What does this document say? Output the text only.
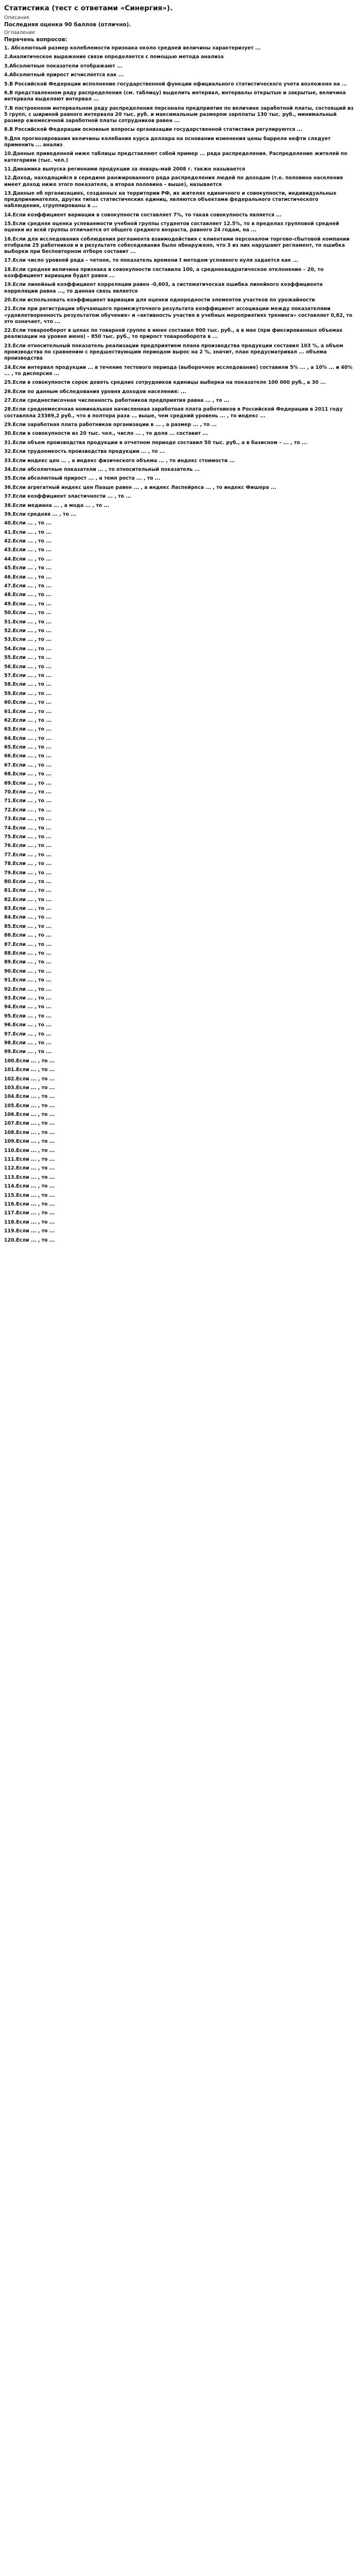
Статистика (тест с ответами «Синергия»).
Описание
Последняя оценка 90 баллов (отлично).
Оглавление
Перечень вопросов:
1. Абсолютный размер колеблемости признака около средней величины характеризует ...
2.Аналитическое выражение связи определяется с помощью метода анализа
3.Абсолютные показатели отображают ...
4.Абсолютный прирост исчисляется как ...
5.В Российской Федерации исполнение государственной функции официального статистического учета возложено на ...
6.В представленном ряду распределения (см. таблицу) выделить интервал, интервалы открытые и закрытые, величина интервала выделяют интервал ...
7.В построенном интервальном ряду распределения персонала предприятия по величине заработной платы, состоящий из 5 групп, с шириной равного интервала 20 тыс. руб. и максимальным размером зарплаты 130 тыс. руб., минимальный размер ежемесячной заработной платы сотрудников равен ...
8.В Российской Федерации основные вопросы организации государственной статистики регулируются ...
9.Для прогнозирования величины колебания курса доллара на основании изменения цены барреля нефти следует применить ... анализ
10.Данные приведенной ниже таблицы представляют собой пример ... ряда распределения. Распределение жителей по категориям (тыс. чел.)
11.Динамика выпуска регионами продукции за январь-май 2008 г. также называется
12.Доход, находящийся в середине ранжированного ряда распределения людей по доходам (т.е. половина населения имеет доход ниже этого показателя, а вторая половина – выше), называется
13.Данные об организациях, созданных на территории РФ, их жителях единичного и совокупности, индивидуальных предпринимателях, других типах статистических единиц, являются объектами федерального статистического наблюдения, сгруппированы в ...
14.Если коэффициент вариации в совокупности составляет 7%, то такая совокупность является ...
15.Если средняя оценка успеваемости учебной группы студентов составляет 12.5%, то в пределах групповой средней оценки из всей группы отличается от общего среднего возраста, равного 24 годам, на ...
16.Если для исследования соблюдения регламента взаимодействия с клиентами персоналом торгово-сбытовой компании отобрали 25 работников и в результате собеседования было обнаружено, что 3 из них нарушают регламент, то ошибка выборки при бесповторном отборе составит ...
17.Если число уровней ряда – четное, то показатель времени t методом условного нуля задается как ...
18.Если средняя величина признака в совокупности составила 100, а среднеквадратическое отклонение – 20, то коэффициент вариации будет равен ...
19.Если линейный коэффициент корреляции равен -0,603, а систематическая ошибка линейного коэффициента корреляции равна ..., то данная связь является
20.Если использовать коэффициент вариации для оценки однородности элементов участков по урожайности
21.Если при регистрации обучающего промежуточного результата коэффициент ассоциации между показателями «удовлетворенность результатом обучения» и «активность участия в учебных мероприятиях тренинга» составляет 0,82, то это означает, что ...
22.Если товарооборот в ценах по товарной группе в июне составил 900 тыс. руб., а в мае (при фиксированных объемах реализации на уровне июня) – 850 тыс. руб., то прирост товарооборота в ...
23.Если относительный показатель реализации предприятием плана производства продукции составил 103 %, а объем производства по сравнению с предшествующим периодом вырос на 2 %, значит, план предусматривал ... объема производства
24.Если интервал продукции ... в течение тестового периода (выборочное исследование) составили 5% ... , а 10% ... и 40% ... , то дисперсия ...
25.Если в совокупности сорок девять средних сотрудников единицы выборки на показателе 100 000 руб., а 30 ...
26.Если по данным обследования уровня доходов населения: ...
27.Если среднесписочная численность работников предприятия равна ... , то ...
28.Если среднемесячная номинальная начисленная заработная плата работников в Российской Федерации в 2011 году составляла 23369,2 руб., что в полтора раза ... выше, чем средний уровень ... , то индекс ...
29.Если заработная плата работников организации в ... , а размер ... , то ...
30.Если в совокупности из 20 тыс. чел., число ... , то доля ... составит ...
31.Если объем производства продукции в отчетном периоде составил 50 тыс. руб., а в базисном – ... , то ...
32.Если трудоемкость производства продукции ... , то ...
33.Если индекс цен ... , а индекс физического объема ... , то индекс стоимости ...
34.Если абсолютные показатели ... , то относительный показатель ...
35.Если абсолютный прирост ... , а темп роста ... , то ...
36.Если агрегатный индекс цен Пааше равен ... , а индекс Ласпейреса ... , то индекс Фишера ...
37.Если коэффициент эластичности ... , то ...
38.Если медиана ... , а мода ... , то ...
39.Если средняя ... , то ...
40.Если ... , то ...
41.Если ... , то ...
42.Если ... , то ...
43.Если ... , то ...
44.Если ... , то ...
45.Если ... , то ...
46.Если ... , то ...
47.Если ... , то ...
48.Если ... , то ...
49.Если ... , то ...
50.Если ... , то ...
51.Если ... , то ...
52.Если ... , то ...
53.Если ... , то ...
54.Если ... , то ...
55.Если ... , то ...
56.Если ... , то ...
57.Если ... , то ...
58.Если ... , то ...
59.Если ... , то ...
60.Если ... , то ...
61.Если ... , то ...
62.Если ... , то ...
63.Если ... , то ...
64.Если ... , то ...
65.Если ... , то ...
66.Если ... , то ...
67.Если ... , то ...
68.Если ... , то ...
69.Если ... , то ...
70.Если ... , то ...
71.Если ... , то ...
72.Если ... , то ...
73.Если ... , то ...
74.Если ... , то ...
75.Если ... , то ...
76.Если ... , то ...
77.Если ... , то ...
78.Если ... , то ...
79.Если ... , то ...
80.Если ... , то ...
81.Если ... , то ...
82.Если ... , то ...
83.Если ... , то ...
84.Если ... , то ...
85.Если ... , то ...
86.Если ... , то ...
87.Если ... , то ...
88.Если ... , то ...
89.Если ... , то ...
90.Если ... , то ...
91.Если ... , то ...
92.Если ... , то ...
93.Если ... , то ...
94.Если ... , то ...
95.Если ... , то ...
96.Если ... , то ...
97.Если ... , то ...
98.Если ... , то ...
99.Если ... , то ...
100.Если ... , то ...
101.Если ... , то ...
102.Если ... , то ...
103.Если ... , то ...
104.Если ... , то ...
105.Если ... , то ...
106.Если ... , то ...
107.Если ... , то ...
108.Если ... , то ...
109.Если ... , то ...
110.Если ... , то ...
111.Если ... , то ...
112.Если ... , то ...
113.Если ... , то ...
114.Если ... , то ...
115.Если ... , то ...
116.Если ... , то ...
117.Если ... , то ...
118.Если ... , то ...
119.Если ... , то ...
120.Если ... , то ...
